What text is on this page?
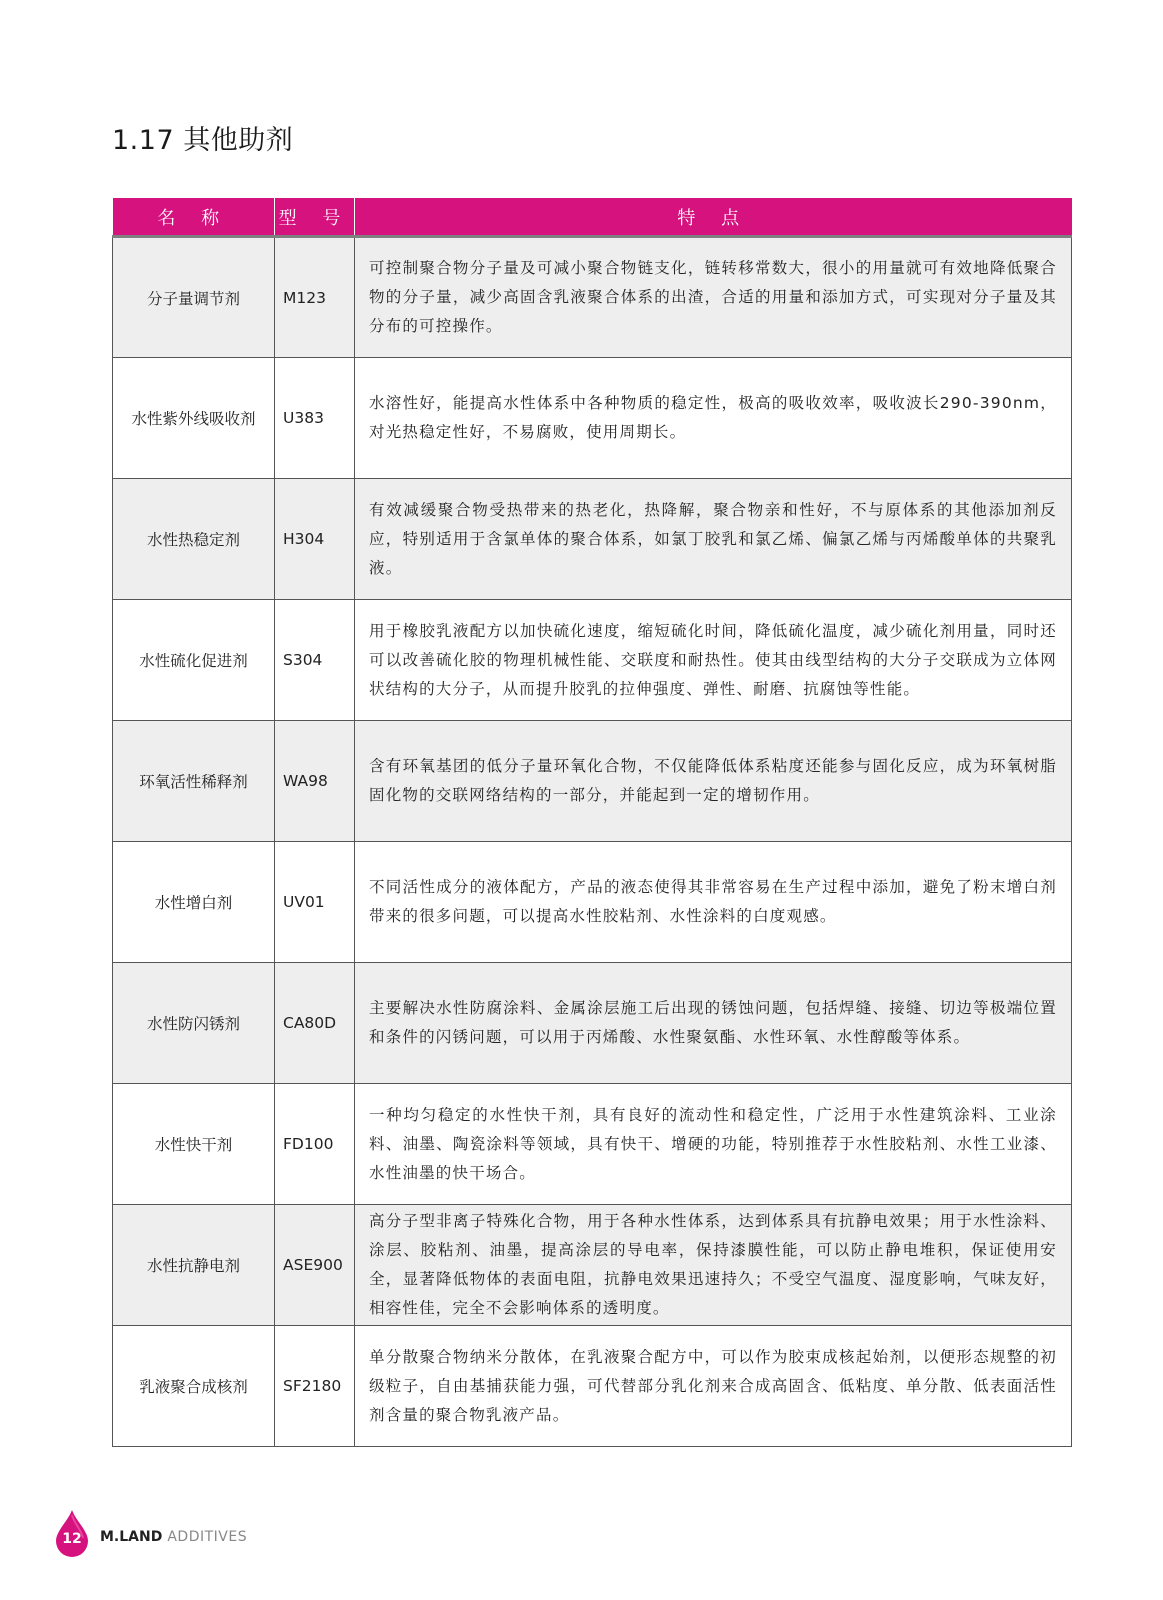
1.17 其他助剂
名 称	型 号	特 点
分子量调节剂	M123	可控制聚合物分子量及可减小聚合物链支化，链转移常数大，很小的用量就可有效地降低聚合物的分子量，减少高固含乳液聚合体系的出渣，合适的用量和添加方式，可实现对分子量及其分布的可控操作。
水性紫外线吸收剂	U383	水溶性好，能提高水性体系中各种物质的稳定性，极高的吸收效率，吸收波长290-390nm，对光热稳定性好，不易腐败，使用周期长。
水性热稳定剂	H304	有效减缓聚合物受热带来的热老化，热降解，聚合物亲和性好，不与原体系的其他添加剂反应，特别适用于含氯单体的聚合体系，如氯丁胶乳和氯乙烯、偏氯乙烯与丙烯酸单体的共聚乳液。
水性硫化促进剂	S304	用于橡胶乳液配方以加快硫化速度，缩短硫化时间，降低硫化温度，减少硫化剂用量，同时还可以改善硫化胶的物理机械性能、交联度和耐热性。使其由线型结构的大分子交联成为立体网状结构的大分子，从而提升胶乳的拉伸强度、弹性、耐磨、抗腐蚀等性能。
环氧活性稀释剂	WA98	含有环氧基团的低分子量环氧化合物，不仅能降低体系粘度还能参与固化反应，成为环氧树脂固化物的交联网络结构的一部分，并能起到一定的增韧作用。
水性增白剂	UV01	不同活性成分的液体配方，产品的液态使得其非常容易在生产过程中添加，避免了粉末增白剂带来的很多问题，可以提高水性胶粘剂、水性涂料的白度观感。
水性防闪锈剂	CA80D	主要解决水性防腐涂料、金属涂层施工后出现的锈蚀问题，包括焊缝、接缝、切边等极端位置和条件的闪锈问题，可以用于丙烯酸、水性聚氨酯、水性环氧、水性醇酸等体系。
水性快干剂	FD100	一种均匀稳定的水性快干剂，具有良好的流动性和稳定性，广泛用于水性建筑涂料、工业涂料、油墨、陶瓷涂料等领域，具有快干、增硬的功能，特别推荐于水性胶粘剂、水性工业漆、水性油墨的快干场合。
水性抗静电剂	ASE900	高分子型非离子特殊化合物，用于各种水性体系，达到体系具有抗静电效果；用于水性涂料、涂层、胶粘剂、油墨，提高涂层的导电率，保持漆膜性能，可以防止静电堆积，保证使用安全，显著降低物体的表面电阻，抗静电效果迅速持久；不受空气温度、湿度影响，气味友好，相容性佳，完全不会影响体系的透明度。
乳液聚合成核剂	SF2180	单分散聚合物纳米分散体，在乳液聚合配方中，可以作为胶束成核起始剂，以便形态规整的初级粒子，自由基捕获能力强，可代替部分乳化剂来合成高固含、低粘度、单分散、低表面活性剂含量的聚合物乳液产品。
12	M.LAND ADDITIVES
